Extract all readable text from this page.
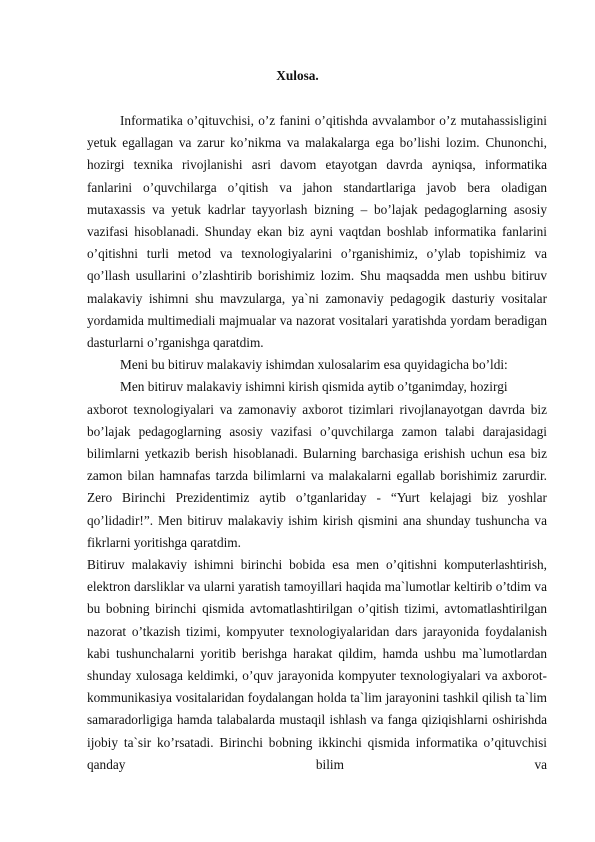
Xulosa.

Informatika o’qituvchisi, o’z fanini o’qitishda avvalambor o’z mutahassisligini yetuk egallagan va zarur ko’nikma va malakalarga ega bo’lishi lozim. Chunonchi, hozirgi texnika rivojlanishi asri davom etayotgan davrda ayniqsa, informatika fanlarini o’quvchilarga o’qitish va jahon standartlariga javob bera oladigan mutaxassis va yetuk kadrlar tayyorlash bizning – bo’lajak pedagoglarning asosiy vazifasi hisoblanadi. Shunday ekan biz ayni vaqtdan boshlab informatika fanlarini o’qitishni turli metod va texnologiyalarini o’rganishimiz, o’ylab topishimiz va qo’llash usullarini o’zlashtirib borishimiz lozim. Shu maqsadda men ushbu bitiruv malakaviy ishimni shu mavzularga, ya`ni zamonaviy pedagogik dasturiy vositalar yordamida multimediali majmualar va nazorat vositalari yaratishda yordam beradigan dasturlarni o’rganishga qaratdim.

Meni bu bitiruv malakaviy ishimdan xulosalarim esa quyidagicha bo’ldi:

Men bitiruv malakaviy ishimni kirish qismida aytib o’tganimday, hozirgi

axborot texnologiyalari va zamonaviy axborot tizimlari rivojlanayotgan davrda biz bo’lajak pedagoglarning asosiy vazifasi o’quvchilarga zamon talabi darajasidagi bilimlarni yetkazib berish hisoblanadi. Bularning barchasiga erishish uchun esa biz zamon bilan hamnafas tarzda bilimlarni va malakalarni egallab borishimiz zarurdir. Zero Birinchi Prezidentimiz aytib o’tganlariday - “Yurt kelajagi biz yoshlar qo’lidadir!”. Men bitiruv malakaviy ishim kirish qismini ana shunday tushuncha va fikrlarni yoritishga qaratdim.

Bitiruv malakaviy ishimni birinchi bobida esa men o’qitishni komputerlashtirish, elektron darsliklar va ularni yaratish tamoyillari haqida ma`lumotlar keltirib o’tdim va bu bobning birinchi qismida avtomatlashtirilgan o’qitish tizimi, avtomatlashtirilgan nazorat o’tkazish tizimi, kompyuter texnologiyalaridan dars jarayonida foydalanish kabi tushunchalarni yoritib berishga harakat qildim, hamda ushbu ma`lumotlardan shunday xulosaga keldimki, o’quv jarayonida kompyuter texnologiyalari va axborot-kommunikasiya vositalaridan foydalangan holda ta`lim jarayonini tashkil qilish ta`lim samaradorligiga hamda talabalarda mustaqil ishlash va fanga qiziqishlarni oshirishda ijobiy ta`sir ko’rsatadi. Birinchi bobning ikkinchi qismida informatika o’qituvchisi qanday bilim va
